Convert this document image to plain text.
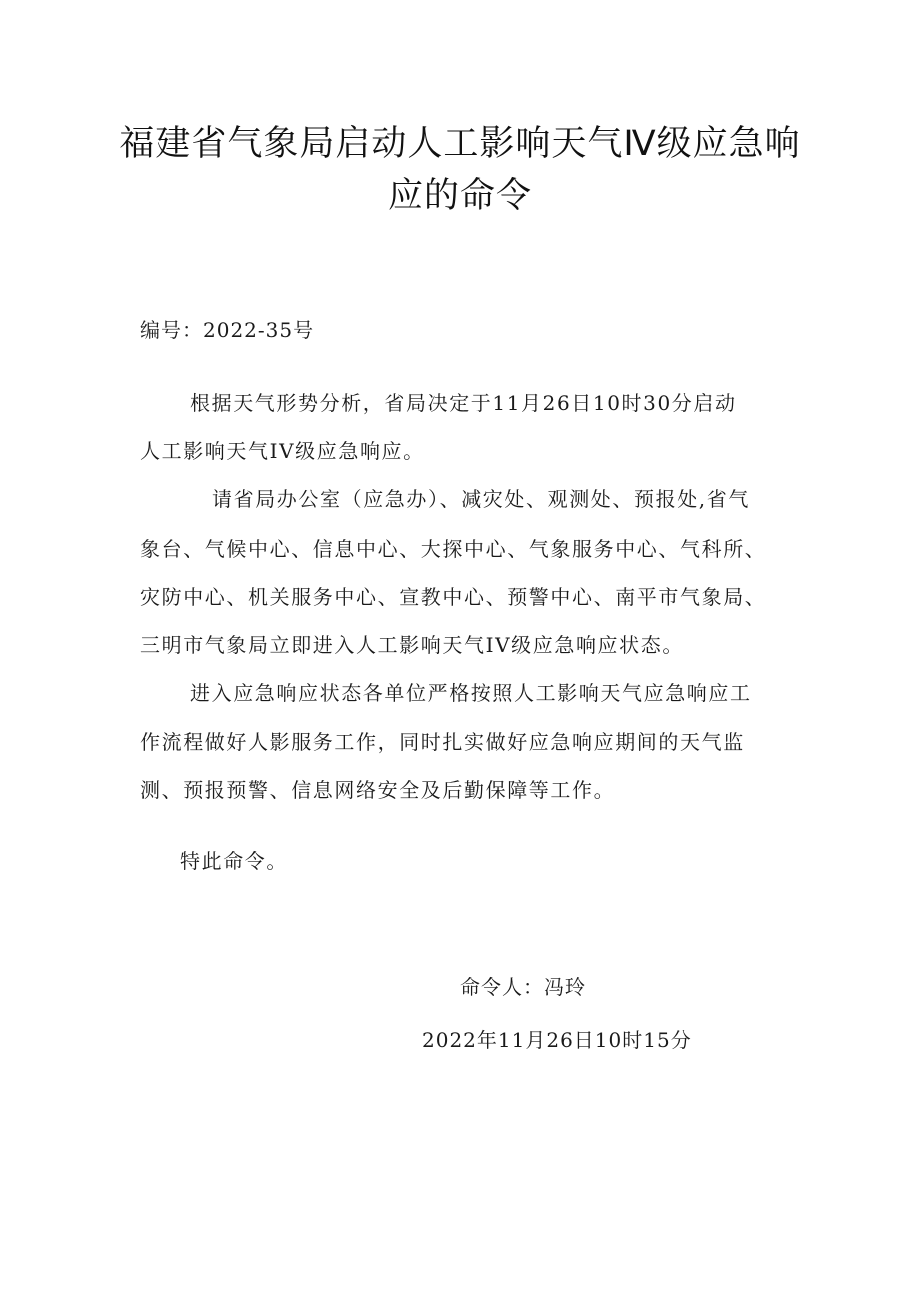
福建省气象局启动人工影响天气Ⅳ级应急响
应的命令
编号：2022-35号
根据天气形势分析，省局决定于11月26日10时30分启动
人工影响天气IV级应急响应。
请省局办公室（应急办）、减灾处、观测处、预报处,省气
象台、气候中心、信息中心、大探中心、气象服务中心、气科所、
灾防中心、机关服务中心、宣教中心、预警中心、南平市气象局、
三明市气象局立即进入人工影响天气IV级应急响应状态。
进入应急响应状态各单位严格按照人工影响天气应急响应工
作流程做好人影服务工作，同时扎实做好应急响应期间的天气监
测、预报预警、信息网络安全及后勤保障等工作。
特此命令。
命令人：冯玲
2022年11月26日10时15分
